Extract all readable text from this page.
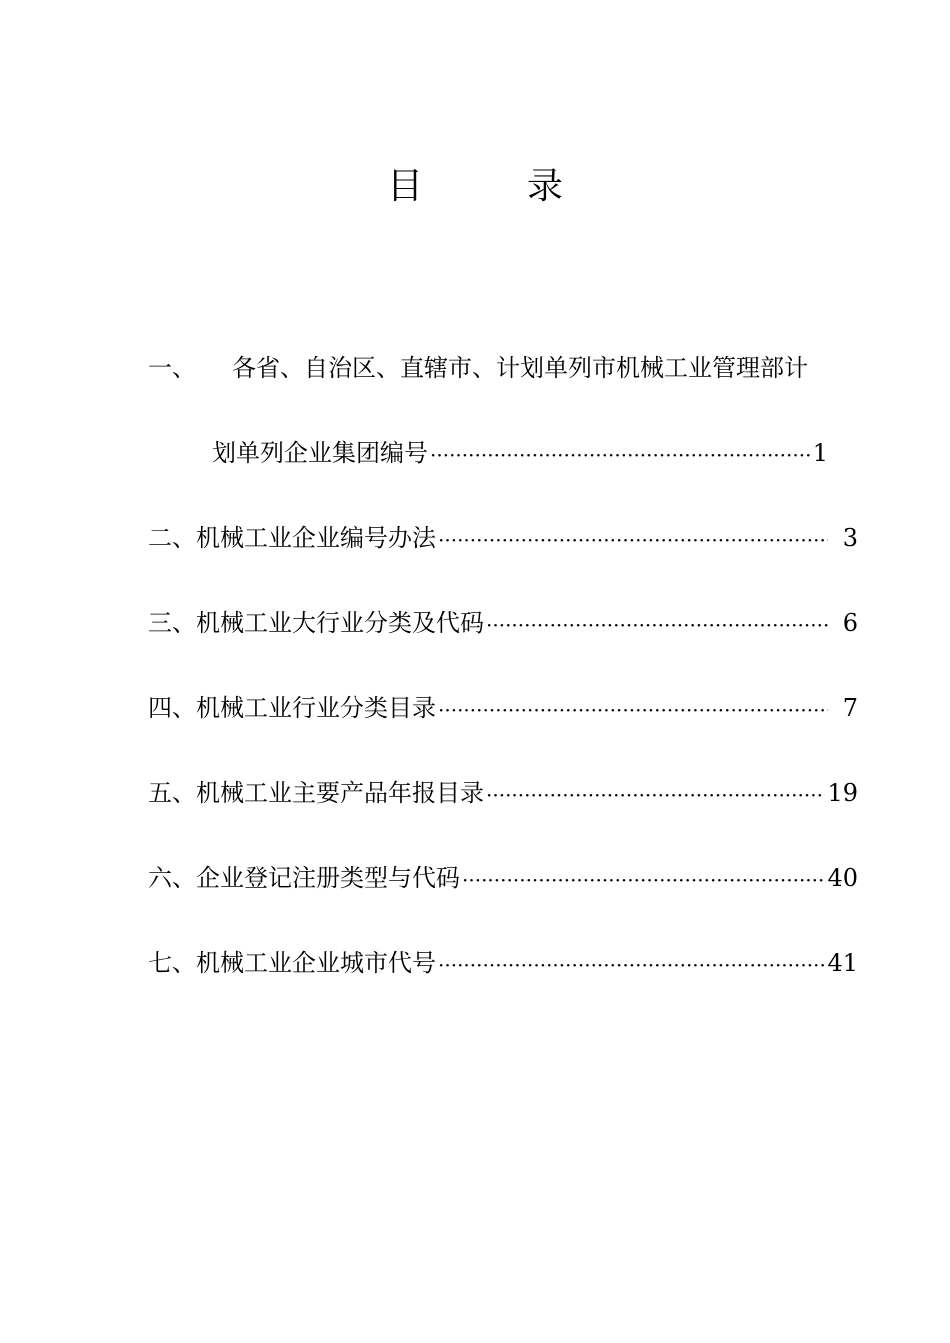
目	录
一、 各省、自治区、直辖市、计划单列市机械工业管理部计
划单列企业集团编号 ·····	1
二、 机械工业企业编号办法 ·····	3
三、 机械工业大行业分类及代码 ·····	6
四、 机械工业行业分类目录 ·····	7
五、 机械工业主要产品年报目录 ·····	19
六、 企业登记注册类型与代码 ·····	40
七、 机械工业企业城市代号 ·····	41
